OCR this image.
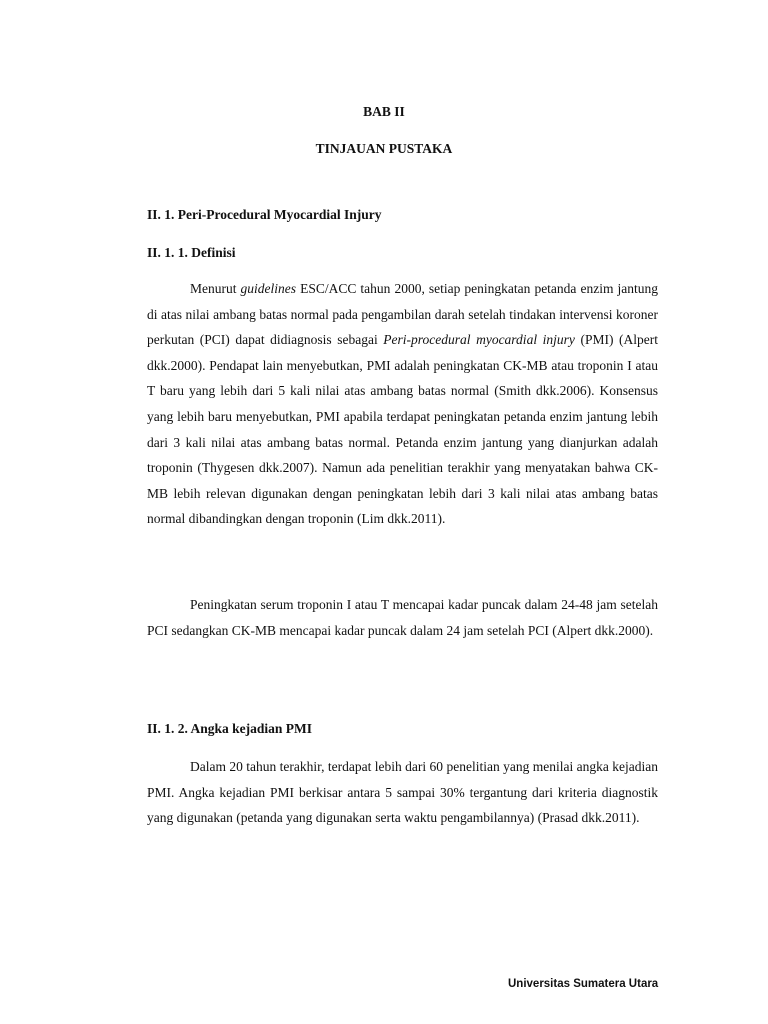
BAB II
TINJAUAN PUSTAKA
II. 1. Peri-Procedural Myocardial Injury
II. 1. 1. Definisi

Menurut guidelines ESC/ACC tahun 2000, setiap peningkatan petanda enzim jantung di atas nilai ambang batas normal pada pengambilan darah setelah tindakan intervensi koroner perkutan (PCI) dapat didiagnosis sebagai Peri-procedural myocardial injury (PMI) (Alpert dkk.2000). Pendapat lain menyebutkan, PMI adalah peningkatan CK-MB atau troponin I atau T baru yang lebih dari 5 kali nilai atas ambang batas normal (Smith dkk.2006). Konsensus yang lebih baru menyebutkan, PMI apabila terdapat peningkatan petanda enzim jantung lebih dari 3 kali nilai atas ambang batas normal. Petanda enzim jantung yang dianjurkan adalah troponin (Thygesen dkk.2007). Namun ada penelitian terakhir yang menyatakan bahwa CK-MB lebih relevan digunakan dengan peningkatan lebih dari 3 kali nilai atas ambang batas normal dibandingkan dengan troponin (Lim dkk.2011).

Peningkatan serum troponin I atau T mencapai kadar puncak dalam 24-48 jam setelah PCI sedangkan CK-MB mencapai kadar puncak dalam 24 jam setelah PCI (Alpert dkk.2000).

II. 1. 2. Angka kejadian PMI

Dalam 20 tahun terakhir, terdapat lebih dari 60 penelitian yang menilai angka kejadian PMI. Angka kejadian PMI berkisar antara 5 sampai 30% tergantung dari kriteria diagnostik yang digunakan (petanda yang digunakan serta waktu pengambilannya) (Prasad dkk.2011).

Universitas Sumatera Utara
